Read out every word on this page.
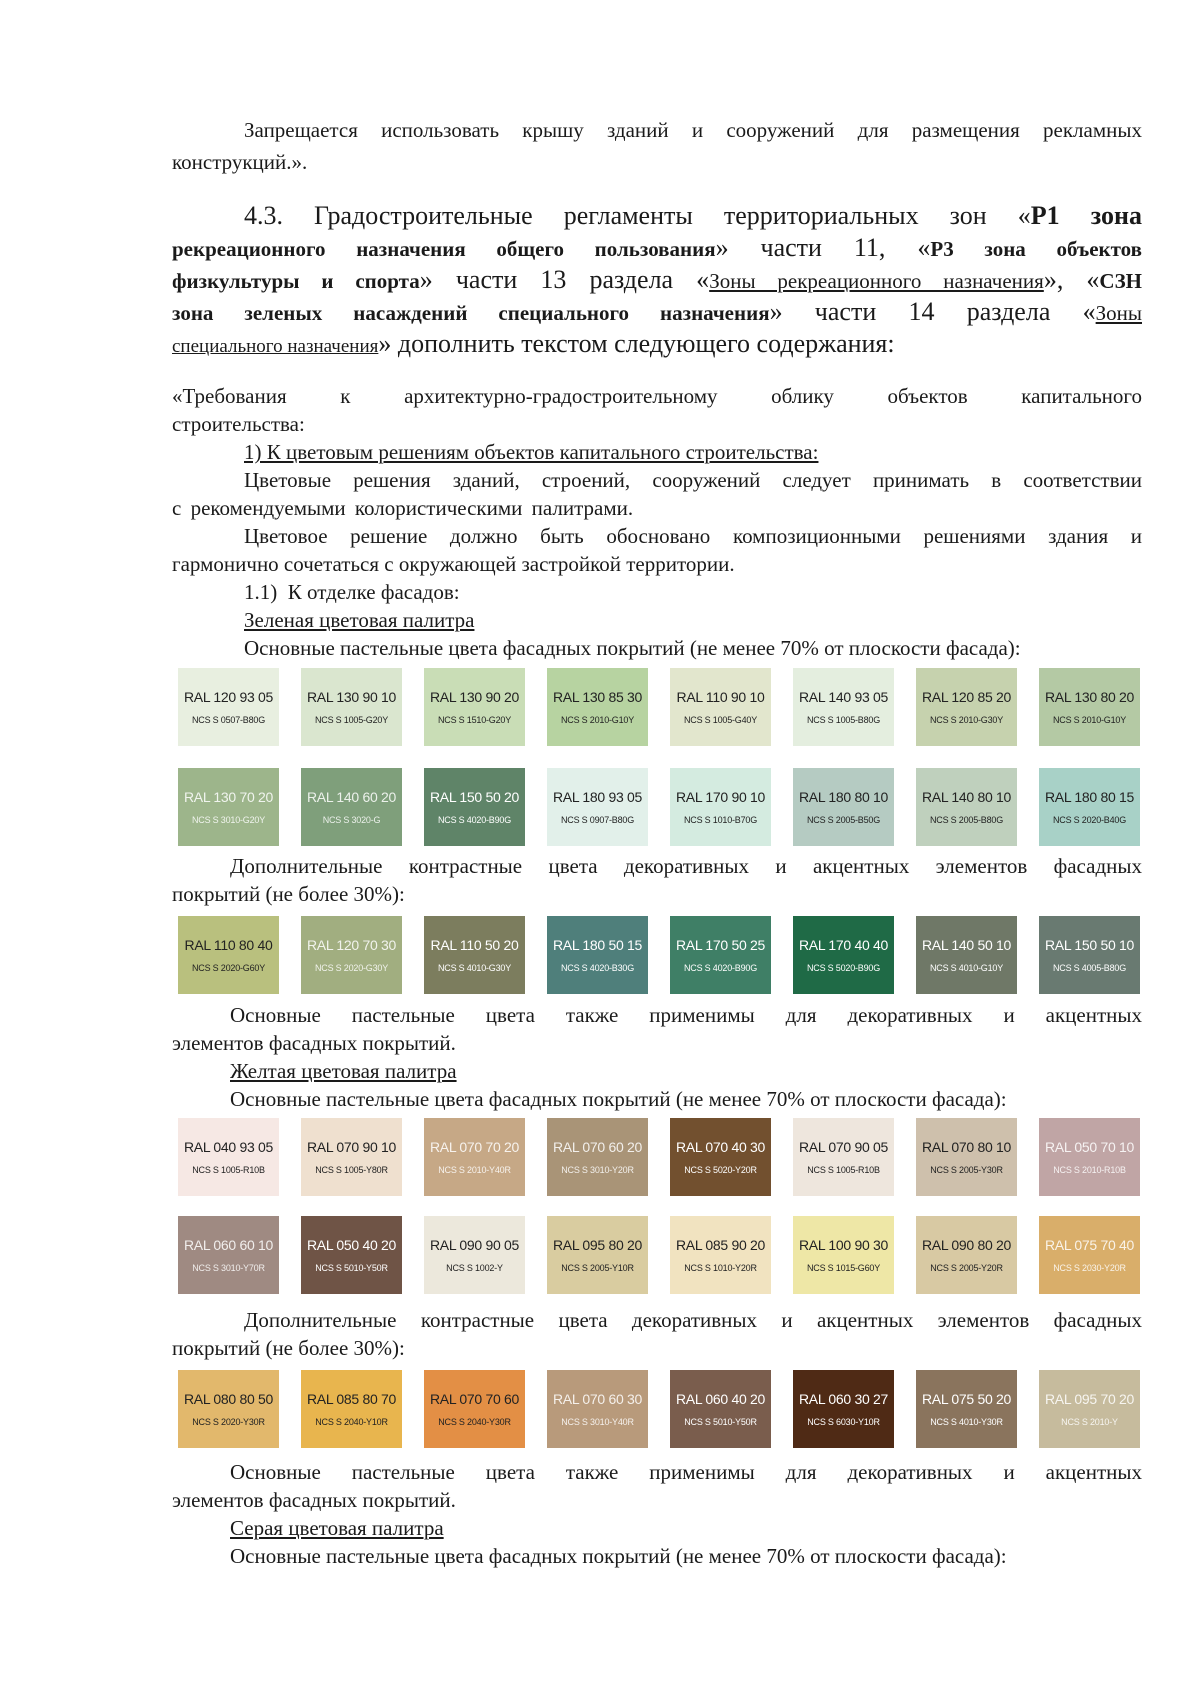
Запрещается использовать крышу зданий и сооружений для размещения рекламных
конструкций.».
4.3. Градостроительные регламенты территориальных зон «Р1 зона
рекреационного назначения общего пользования» части 11, «Р3 зона объектов
физкультуры и спорта» части 13 раздела «Зоны рекреационного назначения», «СЗН
зона зеленых насаждений специального назначения» части 14 раздела «Зоны
специального назначения» дополнить текстом следующего содержания:
«Требования к архитектурно-градостроительному облику объектов капитального
строительства:
1) К цветовым решениям объектов капитального строительства:
Цветовые решения зданий, строений, сооружений следует принимать в соответствии
с рекомендуемыми колористическими палитрами.
Цветовое решение должно быть обосновано композиционными решениями здания и
гармонично сочетаться с окружающей застройкой территории.
1.1)  К отделке фасадов:
Зеленая цветовая палитра
Основные пастельные цвета фасадных покрытий (не менее 70% от плоскости фасада):
RAL 120 93 05
NCS S 0507-B80G
RAL 130 90 10
NCS S 1005-G20Y
RAL 130 90 20
NCS S 1510-G20Y
RAL 130 85 30
NCS S 2010-G10Y
RAL 110 90 10
NCS S 1005-G40Y
RAL 140 93 05
NCS S 1005-B80G
RAL 120 85 20
NCS S 2010-G30Y
RAL 130 80 20
NCS S 2010-G10Y
RAL 130 70 20
NCS S 3010-G20Y
RAL 140 60 20
NCS S 3020-G
RAL 150 50 20
NCS S 4020-B90G
RAL 180 93 05
NCS S 0907-B80G
RAL 170 90 10
NCS S 1010-B70G
RAL 180 80 10
NCS S 2005-B50G
RAL 140 80 10
NCS S 2005-B80G
RAL 180 80 15
NCS S 2020-B40G
Дополнительные контрастные цвета декоративных и акцентных элементов фасадных
покрытий (не более 30%):
RAL 110 80 40
NCS S 2020-G60Y
RAL 120 70 30
NCS S 2020-G30Y
RAL 110 50 20
NCS S 4010-G30Y
RAL 180 50 15
NCS S 4020-B30G
RAL 170 50 25
NCS S 4020-B90G
RAL 170 40 40
NCS S 5020-B90G
RAL 140 50 10
NCS S 4010-G10Y
RAL 150 50 10
NCS S 4005-B80G
Основные пастельные цвета также применимы для декоративных и акцентных
элементов фасадных покрытий.
Желтая цветовая палитра
Основные пастельные цвета фасадных покрытий (не менее 70% от плоскости фасада):
RAL 040 93 05
NCS S 1005-R10B
RAL 070 90 10
NCS S 1005-Y80R
RAL 070 70 20
NCS S 2010-Y40R
RAL 070 60 20
NCS S 3010-Y20R
RAL 070 40 30
NCS S 5020-Y20R
RAL 070 90 05
NCS S 1005-R10B
RAL 070 80 10
NCS S 2005-Y30R
RAL 050 70 10
NCS S 2010-R10B
RAL 060 60 10
NCS S 3010-Y70R
RAL 050 40 20
NCS S 5010-Y50R
RAL 090 90 05
NCS S 1002-Y
RAL 095 80 20
NCS S 2005-Y10R
RAL 085 90 20
NCS S 1010-Y20R
RAL 100 90 30
NCS S 1015-G60Y
RAL 090 80 20
NCS S 2005-Y20R
RAL 075 70 40
NCS S 2030-Y20R
Дополнительные контрастные цвета декоративных и акцентных элементов фасадных
покрытий (не более 30%):
RAL 080 80 50
NCS S 2020-Y30R
RAL 085 80 70
NCS S 2040-Y10R
RAL 070 70 60
NCS S 2040-Y30R
RAL 070 60 30
NCS S 3010-Y40R
RAL 060 40 20
NCS S 5010-Y50R
RAL 060 30 27
NCS S 6030-Y10R
RAL 075 50 20
NCS S 4010-Y30R
RAL 095 70 20
NCS S 2010-Y
Основные пастельные цвета также применимы для декоративных и акцентных
элементов фасадных покрытий.
Серая цветовая палитра
Основные пастельные цвета фасадных покрытий (не менее 70% от плоскости фасада):
